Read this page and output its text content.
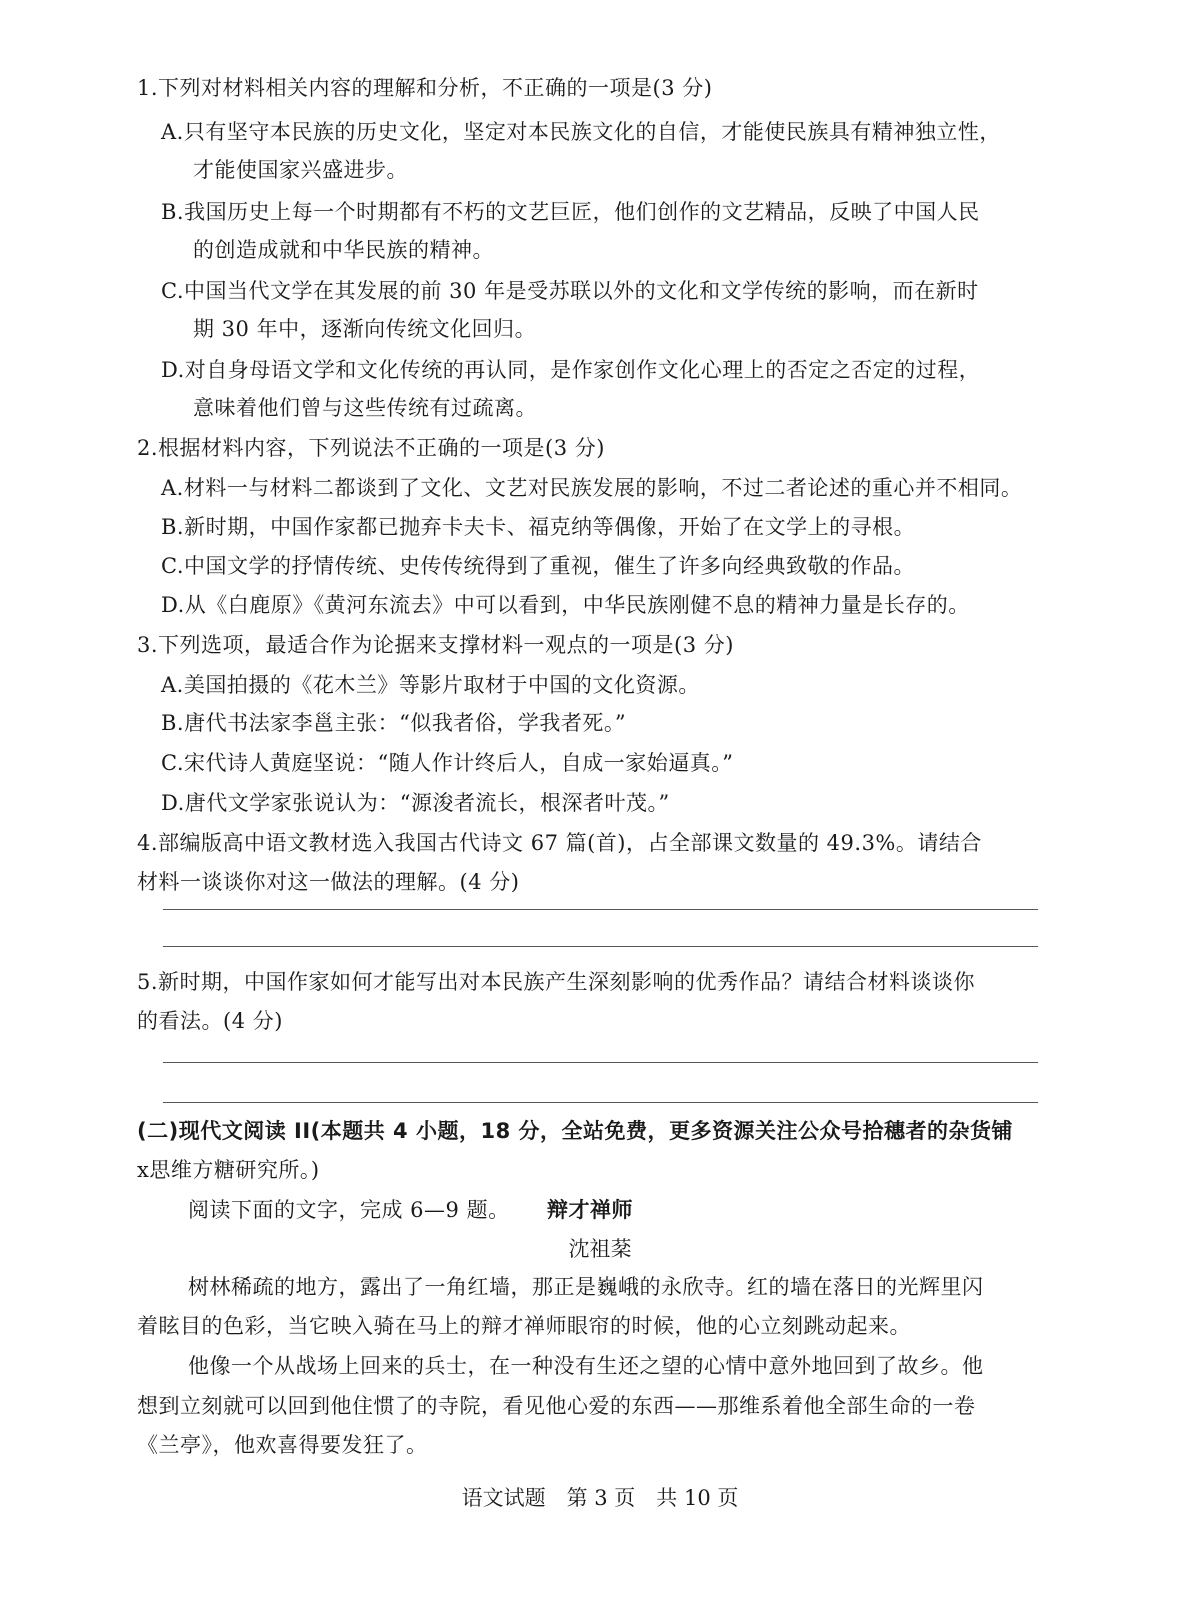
1.下列对材料相关内容的理解和分析，不正确的一项是(3 分)
A.只有坚守本民族的历史文化，坚定对本民族文化的自信，才能使民族具有精神独立性，
才能使国家兴盛进步。
B.我国历史上每一个时期都有不朽的文艺巨匠，他们创作的文艺精品，反映了中国人民
的创造成就和中华民族的精神。
C.中国当代文学在其发展的前 30 年是受苏联以外的文化和文学传统的影响，而在新时
期 30 年中，逐渐向传统文化回归。
D.对自身母语文学和文化传统的再认同，是作家创作文化心理上的否定之否定的过程，
意味着他们曾与这些传统有过疏离。
2.根据材料内容，下列说法不正确的一项是(3 分)
A.材料一与材料二都谈到了文化、文艺对民族发展的影响，不过二者论述的重心并不相同。
B.新时期，中国作家都已抛弃卡夫卡、福克纳等偶像，开始了在文学上的寻根。
C.中国文学的抒情传统、史传传统得到了重视，催生了许多向经典致敬的作品。
D.从《白鹿原》《黄河东流去》中可以看到，中华民族刚健不息的精神力量是长存的。
3.下列选项，最适合作为论据来支撑材料一观点的一项是(3 分)
A.美国拍摄的《花木兰》等影片取材于中国的文化资源。
B.唐代书法家李邕主张：“似我者俗，学我者死。”
C.宋代诗人黄庭坚说：“随人作计终后人，自成一家始逼真。”
D.唐代文学家张说认为：“源浚者流长，根深者叶茂。”
4.部编版高中语文教材选入我国古代诗文 67 篇(首)，占全部课文数量的 49.3%。请结合
材料一谈谈你对这一做法的理解。(4 分)
5.新时期，中国作家如何才能写出对本民族产生深刻影响的优秀作品？请结合材料谈谈你
的看法。(4 分)
(二)现代文阅读 II(本题共 4 小题，18 分，全站免费，更多资源关注公众号拾穗者的杂货铺
x思维方糖研究所。)
阅读下面的文字，完成 6—9 题。 辩才禅师
沈祖棻
树林稀疏的地方，露出了一角红墙，那正是巍峨的永欣寺。红的墙在落日的光辉里闪
着眩目的色彩，当它映入骑在马上的辩才禅师眼帘的时候，他的心立刻跳动起来。
他像一个从战场上回来的兵士，在一种没有生还之望的心情中意外地回到了故乡。他
想到立刻就可以回到他住惯了的寺院，看见他心爱的东西——那维系着他全部生命的一卷
《兰亭》，他欢喜得要发狂了。
语文试题　第 3 页　共 10 页
